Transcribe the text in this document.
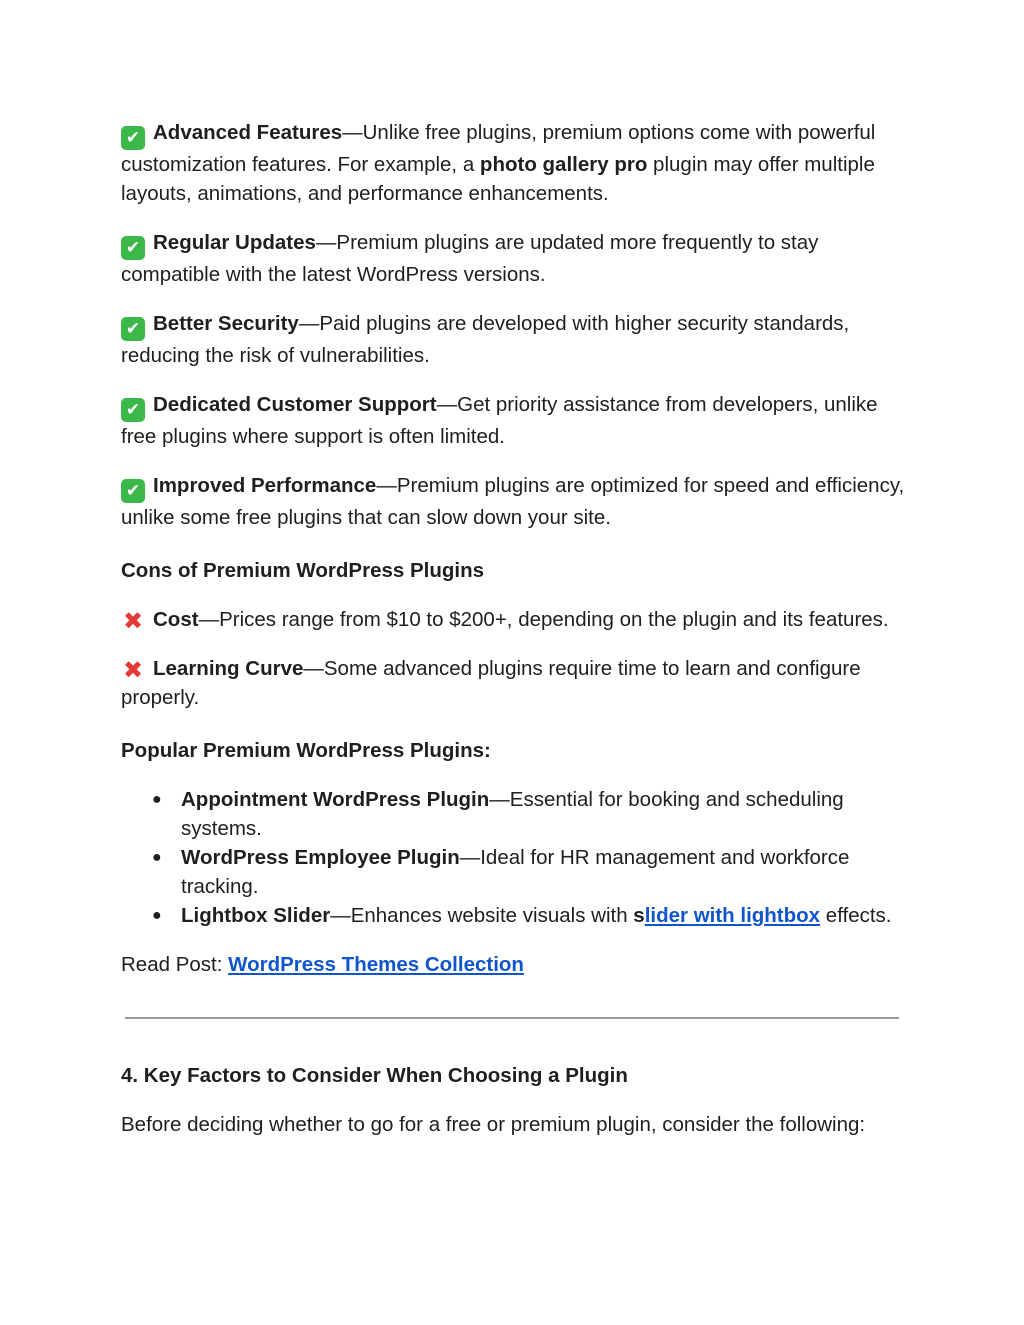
✔ Advanced Features—Unlike free plugins, premium options come with powerful customization features. For example, a photo gallery pro plugin may offer multiple layouts, animations, and performance enhancements.

✔ Regular Updates—Premium plugins are updated more frequently to stay compatible with the latest WordPress versions.

✔ Better Security—Paid plugins are developed with higher security standards, reducing the risk of vulnerabilities.

✔ Dedicated Customer Support—Get priority assistance from developers, unlike free plugins where support is often limited.

✔ Improved Performance—Premium plugins are optimized for speed and efficiency, unlike some free plugins that can slow down your site.

Cons of Premium WordPress Plugins

✖ Cost—Prices range from $10 to $200+, depending on the plugin and its features.

✖ Learning Curve—Some advanced plugins require time to learn and configure properly.

Popular Premium WordPress Plugins:

● Appointment WordPress Plugin—Essential for booking and scheduling systems.
● WordPress Employee Plugin—Ideal for HR management and workforce tracking.
● Lightbox Slider—Enhances website visuals with slider with lightbox effects.

Read Post: WordPress Themes Collection

4. Key Factors to Consider When Choosing a Plugin

Before deciding whether to go for a free or premium plugin, consider the following:
